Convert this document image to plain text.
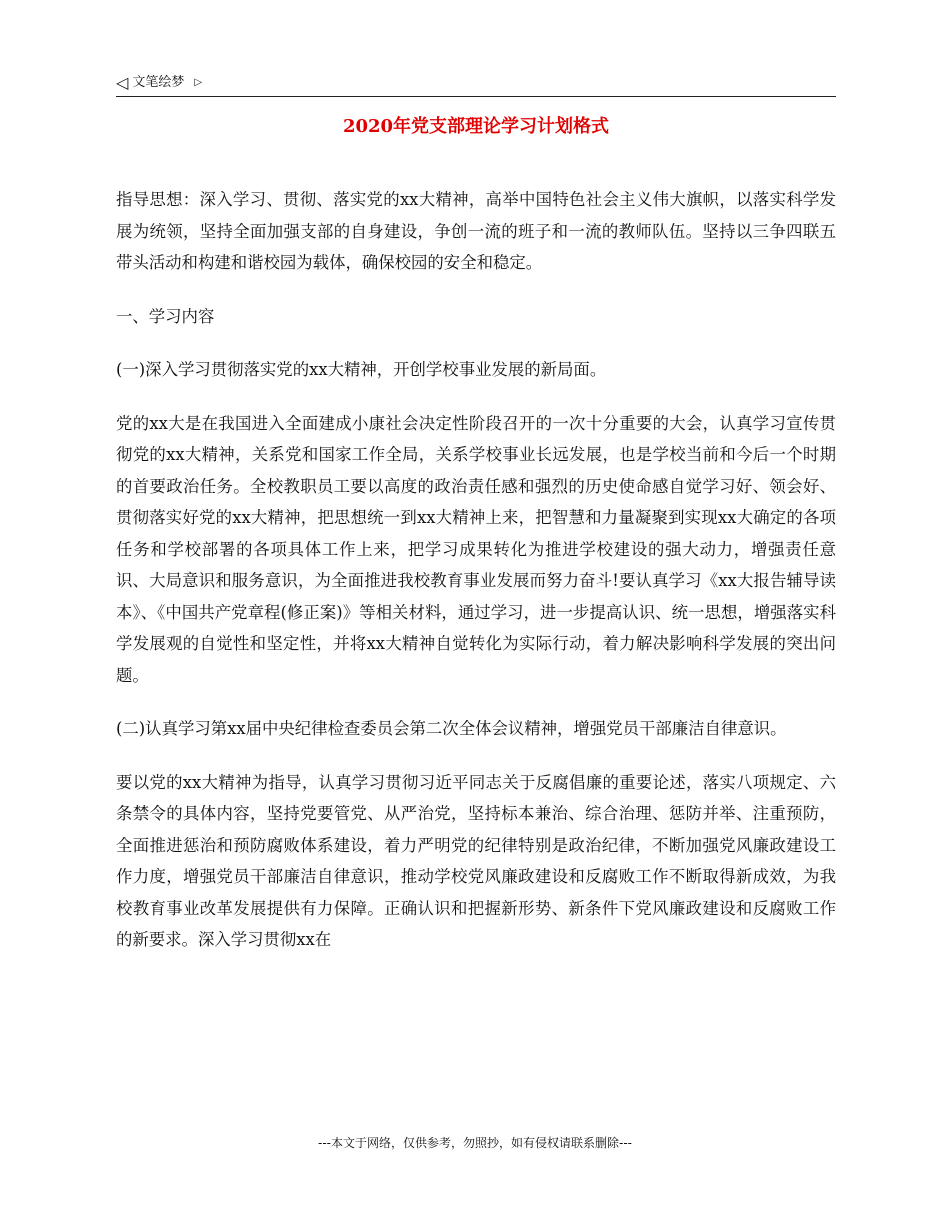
◁ 文笔绘梦 ▷
2020年党支部理论学习计划格式

指导思想：深入学习、贯彻、落实党的xx大精神，高举中国特色社会主义伟大旗帜，以落实科学发展为统领，坚持全面加强支部的自身建设，争创一流的班子和一流的教师队伍。坚持以三争四联五带头活动和构建和谐校园为载体，确保校园的安全和稳定。

一、学习内容

(一)深入学习贯彻落实党的xx大精神，开创学校事业发展的新局面。

党的xx大是在我国进入全面建成小康社会决定性阶段召开的一次十分重要的大会，认真学习宣传贯彻党的xx大精神，关系党和国家工作全局，关系学校事业长远发展，也是学校当前和今后一个时期的首要政治任务。全校教职员工要以高度的政治责任感和强烈的历史使命感自觉学习好、领会好、贯彻落实好党的xx大精神，把思想统一到xx大精神上来，把智慧和力量凝聚到实现xx大确定的各项任务和学校部署的各项具体工作上来，把学习成果转化为推进学校建设的强大动力，增强责任意识、大局意识和服务意识，为全面推进我校教育事业发展而努力奋斗!要认真学习《xx大报告辅导读本》、《中国共产党章程(修正案)》等相关材料，通过学习，进一步提高认识、统一思想，增强落实科学发展观的自觉性和坚定性，并将xx大精神自觉转化为实际行动，着力解决影响科学发展的突出问题。

(二)认真学习第xx届中央纪律检查委员会第二次全体会议精神，增强党员干部廉洁自律意识。

要以党的xx大精神为指导，认真学习贯彻习近平同志关于反腐倡廉的重要论述，落实八项规定、六条禁令的具体内容，坚持党要管党、从严治党，坚持标本兼治、综合治理、惩防并举、注重预防，全面推进惩治和预防腐败体系建设，着力严明党的纪律特别是政治纪律，不断加强党风廉政建设工作力度，增强党员干部廉洁自律意识，推动学校党风廉政建设和反腐败工作不断取得新成效，为我校教育事业改革发展提供有力保障。正确认识和把握新形势、新条件下党风廉政建设和反腐败工作的新要求。深入学习贯彻xx在

---本文于网络，仅供参考，勿照抄，如有侵权请联系删除---
